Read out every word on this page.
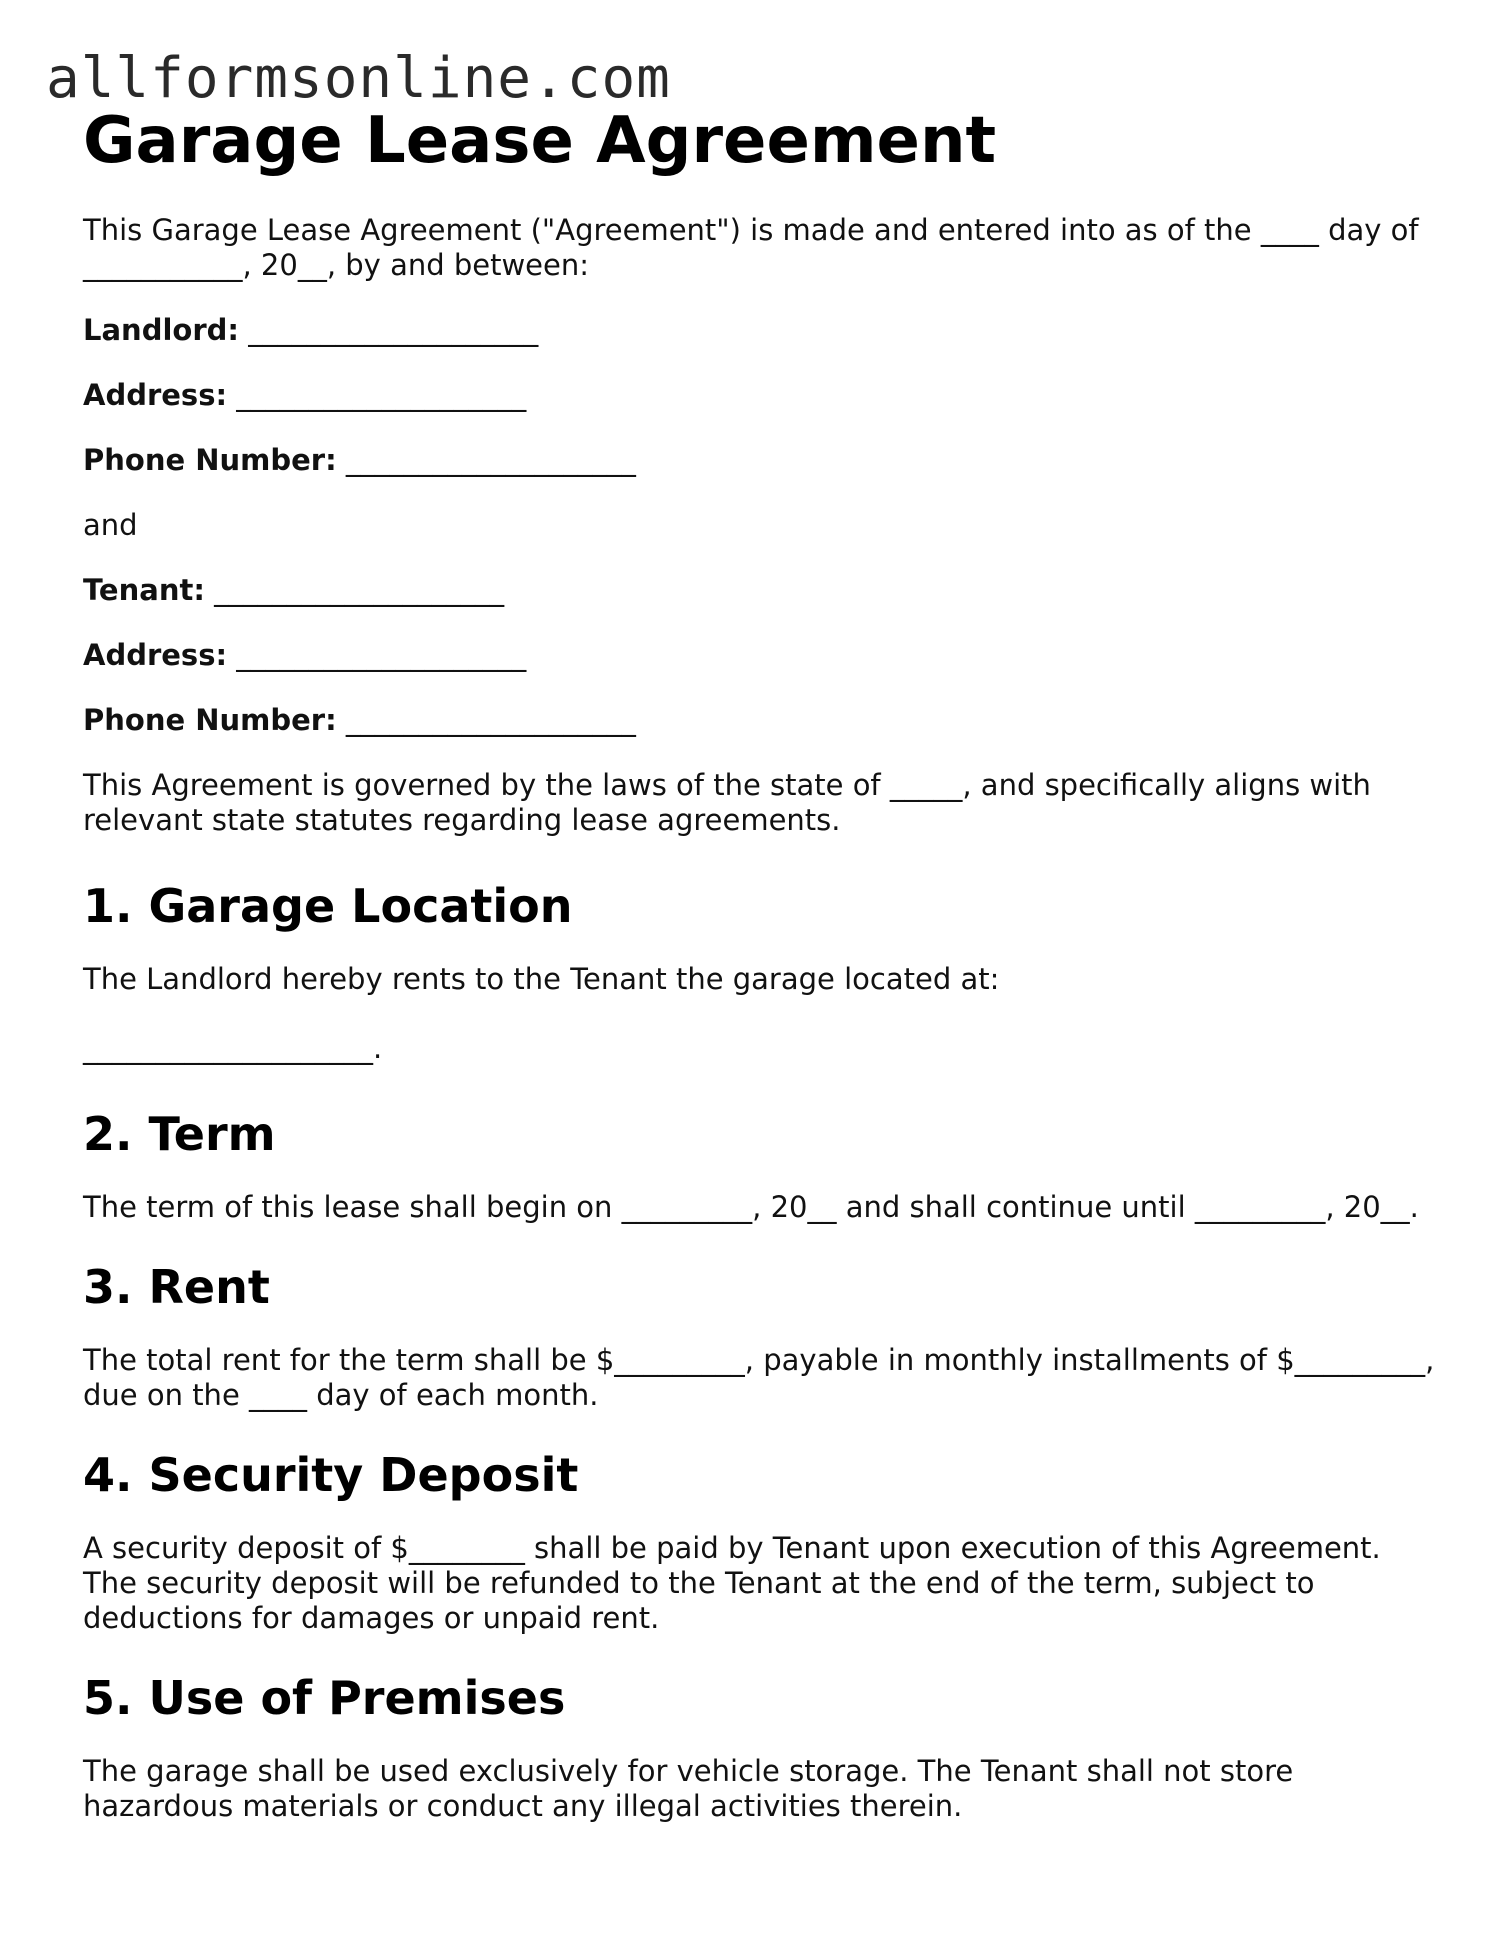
allformsonline.com

Garage Lease Agreement

This Garage Lease Agreement ("Agreement") is made and entered into as of the ____ day of ___________, 20__, by and between:

Landlord: ____________________

Address: ____________________

Phone Number: ____________________

and

Tenant: ____________________

Address: ____________________

Phone Number: ____________________

This Agreement is governed by the laws of the state of _____, and specifically aligns with relevant state statutes regarding lease agreements.

1. Garage Location

The Landlord hereby rents to the Tenant the garage located at:

____________________.

2. Term

The term of this lease shall begin on _________, 20__ and shall continue until _________, 20__.

3. Rent

The total rent for the term shall be $_________, payable in monthly installments of $_________, due on the ____ day of each month.

4. Security Deposit

A security deposit of $________ shall be paid by Tenant upon execution of this Agreement. The security deposit will be refunded to the Tenant at the end of the term, subject to deductions for damages or unpaid rent.

5. Use of Premises

The garage shall be used exclusively for vehicle storage. The Tenant shall not store hazardous materials or conduct any illegal activities therein.
